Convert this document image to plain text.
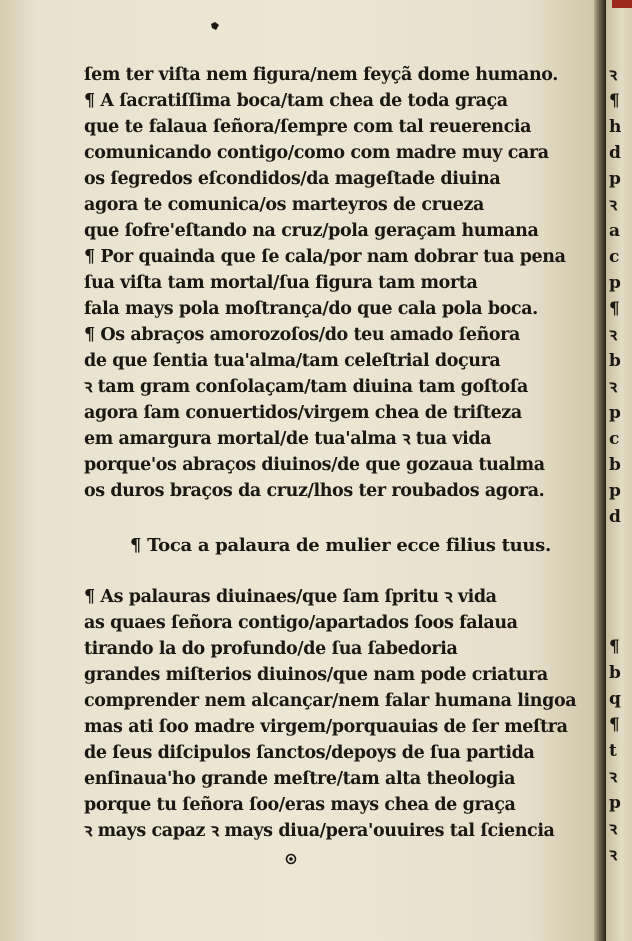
ſem ter viſta nem figura/nem feyçã dome humano.
¶ A ſacratiſſima boca/tam chea de toda graça
que te falaua ſeñora/ſempre com tal reuerencia
comunicando contigo/como com madre muy cara
os ſegredos eſcondidos/da mageſtade diuina
agora te comunica/os marteyros de crueza
que ſofre'eſtando na cruz/pola geraçam humana
¶ Por quainda que ſe cala/por nam dobrar tua pena
ſua viſta tam mortal/ſua figura tam morta
fala mays pola moſtrança/do que cala pola boca.
¶ Os abraços amorozoſos/do teu amado ſeñora
de que ſentia tua'alma/tam celeſtrial doçura
ꝛ tam gram conſolaçam/tam diuina tam goſtoſa
agora ſam conuertidos/virgem chea de triſteza
em amargura mortal/de tua'alma ꝛ tua vida
porque'os abraços diuinos/de que gozaua tualma
os duros braços da cruz/lhos ter roubados agora.
¶ Toca a palaura de mulier ecce filius tuus.
¶ As palauras diuinaes/que ſam ſpritu ꝛ vida
as quaes ſeñora contigo/apartados ſoos falaua
tirando la do profundo/de ſua ſabedoria
grandes miſterios diuinos/que nam pode criatura
comprender nem alcançar/nem falar humana lingoa
mas ati ſoo madre virgem/porquauias de ſer meſtra
de ſeus diſcipulos ſanctos/depoys de ſua partida
enſinaua'ho grande meſtre/tam alta theologia
porque tu ſeñora ſoo/eras mays chea de graça
ꝛ mays capaz ꝛ mays diua/pera'ouuires tal ſciencia
ꝛ
¶
h
d
p
ꝛ
a
c
p
¶
ꝛ
b
ꝛ
p
c
b
p
d
¶
b
q
¶
t
ꝛ
p
ꝛ
ꝛ
